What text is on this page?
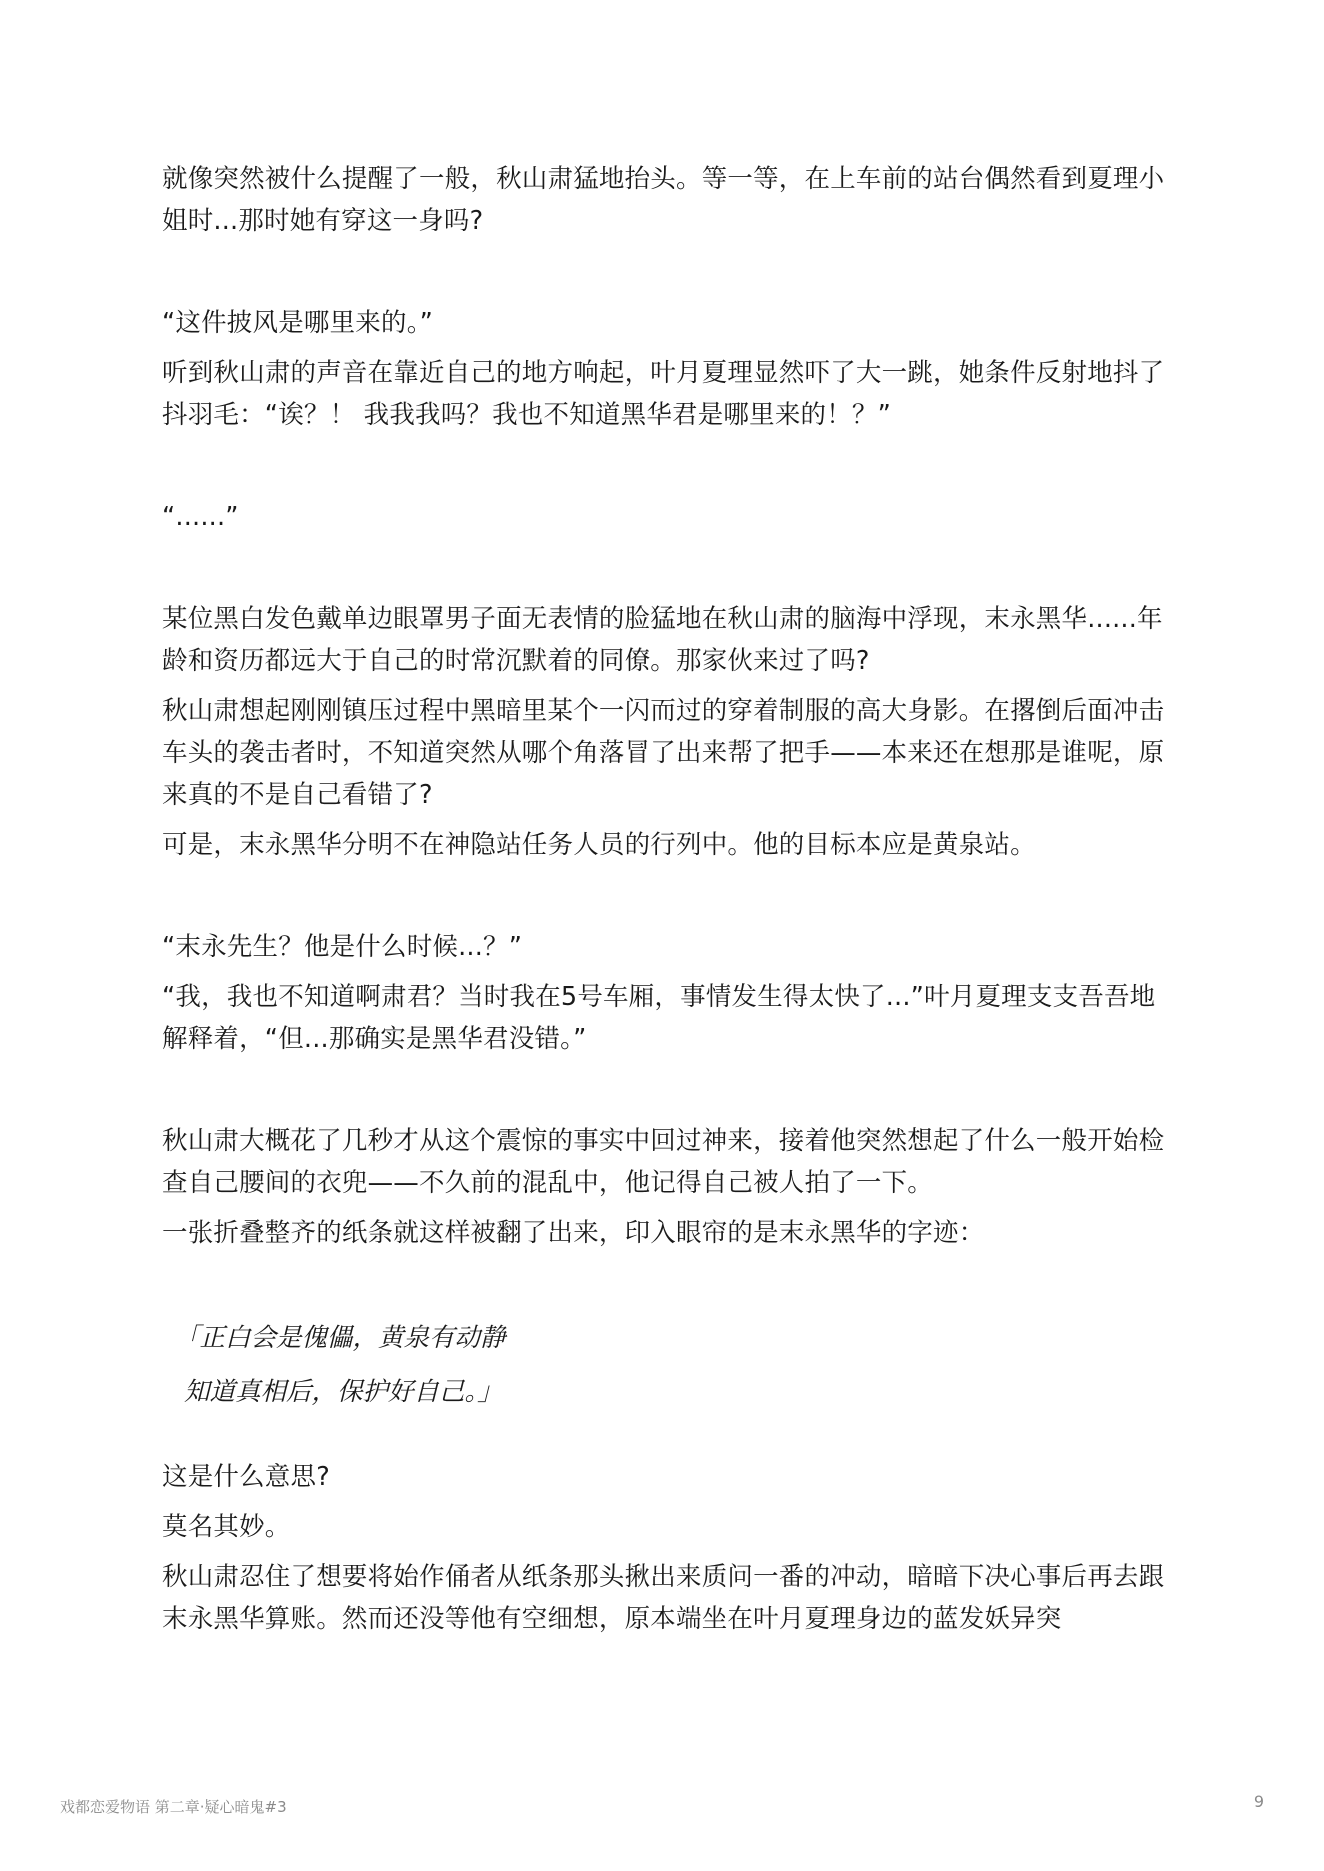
就像突然被什么提醒了一般，秋山肃猛地抬头。等一等，在上车前的站台偶然看到夏理小姐时...那时她有穿这一身吗?

“这件披风是哪里来的。”

听到秋山肃的声音在靠近自己的地方响起，叶月夏理显然吓了大一跳，她条件反射地抖了抖羽毛：“诶？！ 我我我吗？我也不知道黑华君是哪里来的！？”

“......”

某位黑白发色戴单边眼罩男子面无表情的脸猛地在秋山肃的脑海中浮现，末永黑华......年龄和资历都远大于自己的时常沉默着的同僚。那家伙来过了吗?

秋山肃想起刚刚镇压过程中黑暗里某个一闪而过的穿着制服的高大身影。在撂倒后面冲击车头的袭击者时，不知道突然从哪个角落冒了出来帮了把手——本来还在想那是谁呢，原来真的不是自己看错了?

可是，末永黑华分明不在神隐站任务人员的行列中。他的目标本应是黄泉站。

“末永先生？他是什么时候...？”

“我，我也不知道啊肃君？当时我在5号车厢，事情发生得太快了...”叶月夏理支支吾吾地解释着，“但...那确实是黑华君没错。”

秋山肃大概花了几秒才从这个震惊的事实中回过神来，接着他突然想起了什么一般开始检查自己腰间的衣兜——不久前的混乱中，他记得自己被人拍了一下。

一张折叠整齐的纸条就这样被翻了出来，印入眼帘的是末永黑华的字迹：

「正白会是傀儡，黄泉有动静

知道真相后，保护好自己。」

这是什么意思?

莫名其妙。

秋山肃忍住了想要将始作俑者从纸条那头揪出来质问一番的冲动，暗暗下决心事后再去跟末永黑华算账。然而还没等他有空细想，原本端坐在叶月夏理身边的蓝发妖异突

戏都恋爱物语 第二章·疑心暗鬼#3	9
